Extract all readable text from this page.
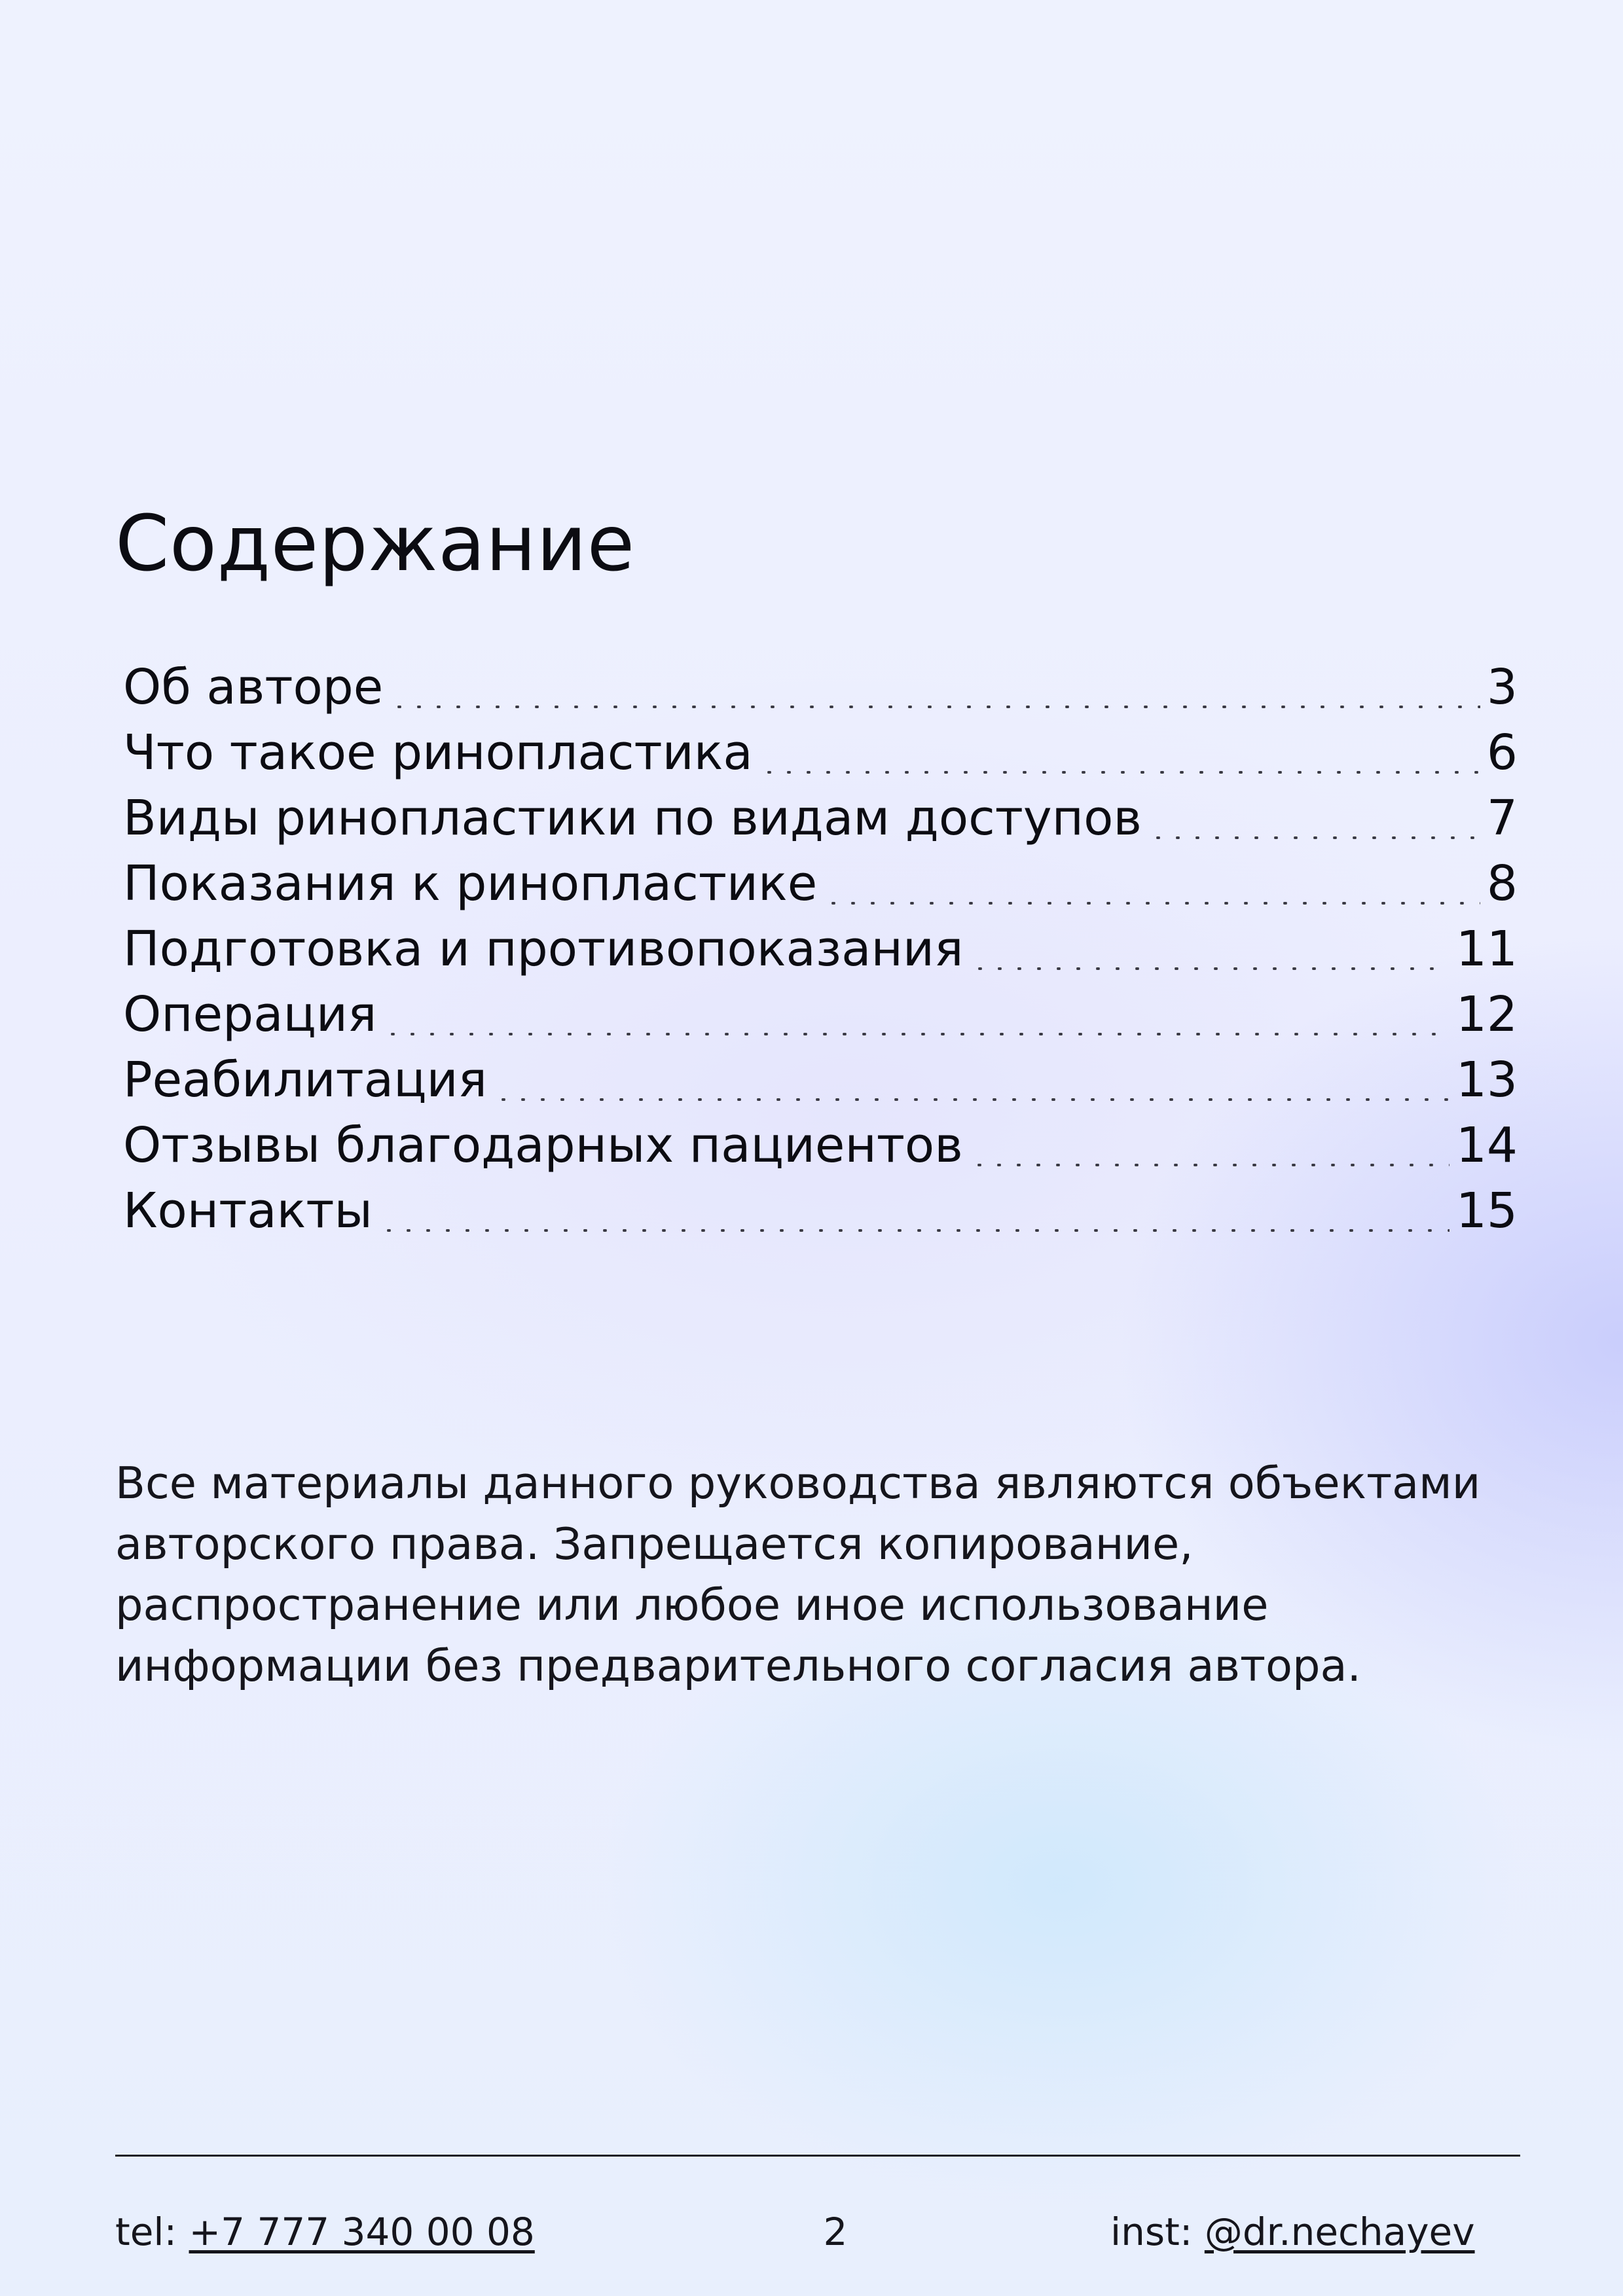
Содержание
Об авторе	3
Что такое ринопластика	6
Виды ринопластики по видам доступов	7
Показания к ринопластике	8
Подготовка и противопоказания	11
Операция	12
Реабилитация	13
Отзывы благодарных пациентов	14
Контакты	15

Все материалы данного руководства являются объектами авторского права. Запрещается копирование, распространение или любое иное использование информации без предварительного согласия автора.

tel: +7 777 340 00 08	2	inst: @dr.nechayev
